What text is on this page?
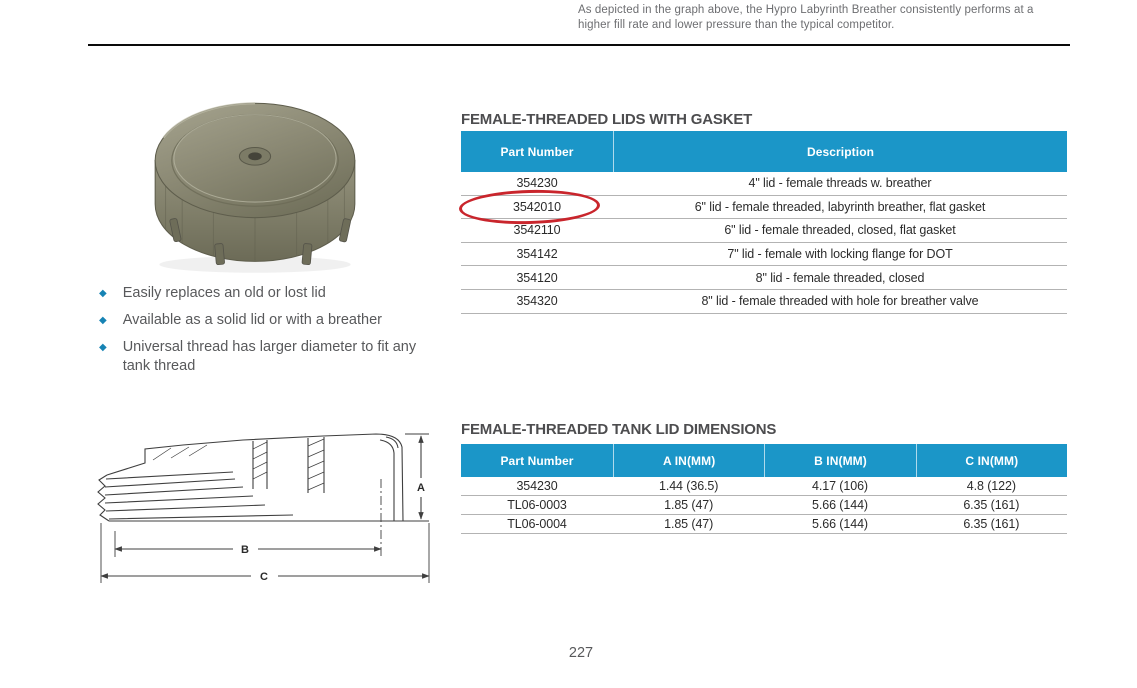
As depicted in the graph above, the Hypro Labyrinth Breather consistently performs at a higher fill rate and lower pressure than the typical competitor.

◆ Easily replaces an old or lost lid
◆ Available as a solid lid or with a breather
◆ Universal thread has larger diameter to fit any tank thread
FEMALE-THREADED LIDS WITH GASKET
Part Number	Description
354230	4" lid - female threads w. breather
3542010	6" lid - female threaded, labyrinth breather, flat gasket
3542110	6" lid - female threaded, closed, flat gasket
354142	7" lid - female with locking flange for DOT
354120	8" lid - female threaded, closed
354320	8" lid - female threaded with hole for breather valve
A
B
C
FEMALE-THREADED TANK LID DIMENSIONS
Part Number	A IN(MM)	B IN(MM)	C IN(MM)
354230	1.44 (36.5)	4.17 (106)	4.8 (122)
TL06-0003	1.85 (47)	5.66 (144)	6.35 (161)
TL06-0004	1.85 (47)	5.66 (144)	6.35 (161)
227
